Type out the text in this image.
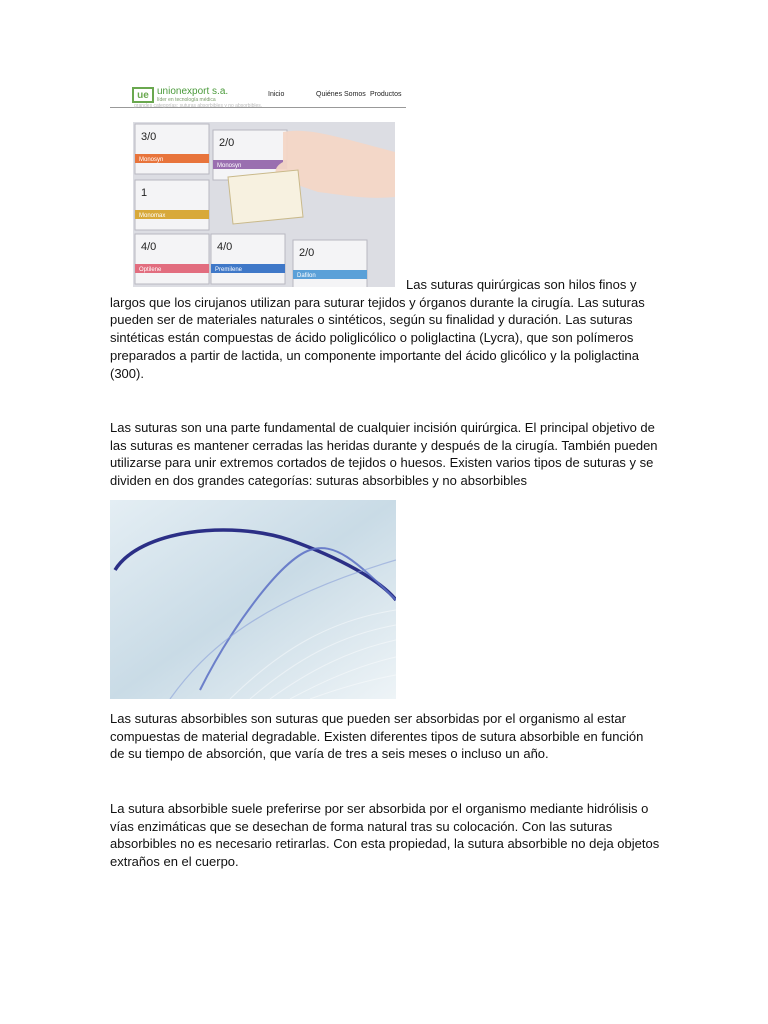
ue unionexport s.a.
líder en tecnología médica
Inicio	Quiénes Somos Productos
grandes categorías: suturas absorbibles y no absorbibles.
3/0
Monosyn
2/0
Monosyn
1
Monomax
4/0
Premilene
2/0
Dafilon
4/0
Optilene
Las suturas quirúrgicas son hilos finos y
largos que los cirujanos utilizan para suturar tejidos y órganos durante la cirugía. Las suturas
pueden ser de materiales naturales o sintéticos, según su finalidad y duración. Las suturas
sintéticas están compuestas de ácido poliglicólico o poliglactina (Lycra), que son polímeros
preparados a partir de lactida, un componente importante del ácido glicólico y la poliglactina
(300).
Las suturas son una parte fundamental de cualquier incisión quirúrgica. El principal objetivo de
las suturas es mantener cerradas las heridas durante y después de la cirugía. También pueden
utilizarse para unir extremos cortados de tejidos o huesos. Existen varios tipos de suturas y se
dividen en dos grandes categorías: suturas absorbibles y no absorbibles
Las suturas absorbibles son suturas que pueden ser absorbidas por el organismo al estar
compuestas de material degradable. Existen diferentes tipos de sutura absorbible en función
de su tiempo de absorción, que varía de tres a seis meses o incluso un año.
La sutura absorbible suele preferirse por ser absorbida por el organismo mediante hidrólisis o
vías enzimáticas que se desechan de forma natural tras su colocación. Con las suturas
absorbibles no es necesario retirarlas. Con esta propiedad, la sutura absorbible no deja objetos
extraños en el cuerpo.
